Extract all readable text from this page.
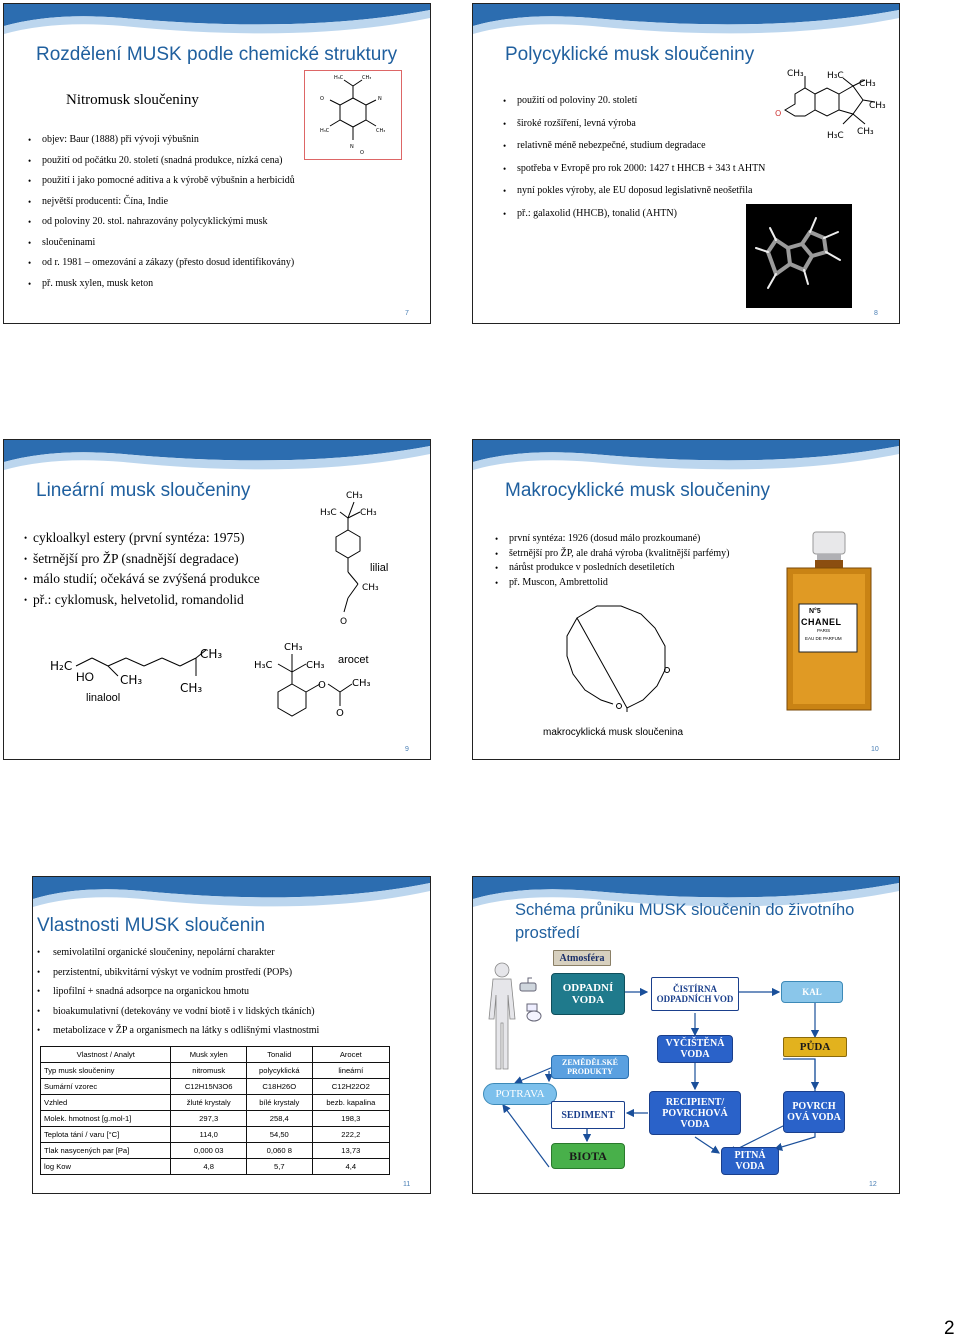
Rozdělení MUSK podle chemické struktury
Nitromusk sloučeniny
H₃C	CH₃
O	N
H₃C	CH₃
N
O
• objev: Baur (1888) při vývoji výbušnin
• použití od počátku 20. století (snadná produkce, nízká cena)
• použití i jako pomocné aditiva a k výrobě výbušnin a herbicidů
• největší producenti: Čína, Indie
• od poloviny 20. stol. nahrazovány polycyklickými musk
• sloučeninami
• od r. 1981 – omezování a zákazy (přesto dosud identifikovány)
• př. musk xylen, musk keton
7
Polycyklické musk sloučeniny
O
CH₃	H₃C
CH₃
CH₃
H₃C CH₃
• použití od poloviny 20. století
• široké rozšíření, levná výroba
• relativně méně nebezpečné, studium degradace
• spotřeba v Evropě pro rok 2000: 1427 t HHCB + 343 t AHTN
• nyní pokles výroby, ale EU doposud legislativně neošetřila
• př.: galaxolid (HHCB), tonalid (AHTN)
8
Lineární musk sloučeniny
• cykloalkyl estery (první syntéza: 1975)
• šetrnější pro ŽP (snadnější degradace)
• málo studií; očekává se zvýšená produkce
• př.: cyklomusk, helvetolid, romandolid
H₃C
CH₃
CH₃
CH₃
O
lilial
H₂C
CH₃
CH₃
CH₃
HO
linalool
H₃C
CH₃
CH₃
O	CH₃
O
arocet
9
Makrocyklické musk sloučeniny
• první syntéza: 1926 (dosud málo prozkoumané)
• šetrnější pro ŽP, ale drahá výroba (kvalitnější parfémy)
• nárůst produkce v posledních desetiletích
• př. Muscon, Ambrettolid
N°5
CHANEL
PARIS
EAU DE PARFUM
makrocyklická musk sloučenina
10
Vlastnosti MUSK sloučenin
• semivolatilní organické sloučeniny, nepolární charakter
• perzistentní, ubikvitární výskyt ve vodním prostředí (POPs)
• lipofilní + snadná adsorpce na organickou hmotu
• bioakumulativní (detekovány ve vodní biotě i v lidských tkáních)
• metabolizace v ŽP a organismech na látky s odlišnými vlastnostmi
Vlastnost / Analyt	Musk xylen	Tonalid	Arocet
Typ musk sloučeniny	nitromusk	polycyklická	lineární
Sumární vzorec	C12H15N3O6	C18H26O	C12H22O2
Vzhled	žluté krystaly	bílé krystaly	bezb. kapalina
Molek. hmotnost [g.mol-1]	297,3	258,4	198,3
Teplota tání / varu [°C]	114,0	54,50	222,2
Tlak nasycených par [Pa]	0,000 03	0,060 8	13,73
log Kow	4,8	5,7	4,4
11
Schéma průniku MUSK sloučenin do životního
prostředí
Atmosféra
ODPADNÍ VODA
ČISTÍRNA ODPADNÍCH VOD
KAL
VYČIŠTĚNÁ VODA
PŮDA
ZEMĚDĚLSKÉ PRODUKTY
POTRAVA
SEDIMENT
RECIPIENT/ POVRCHOVÁ VODA
POVRCH OVÁ VODA
BIOTA	PITNÁ VODA
12
2
